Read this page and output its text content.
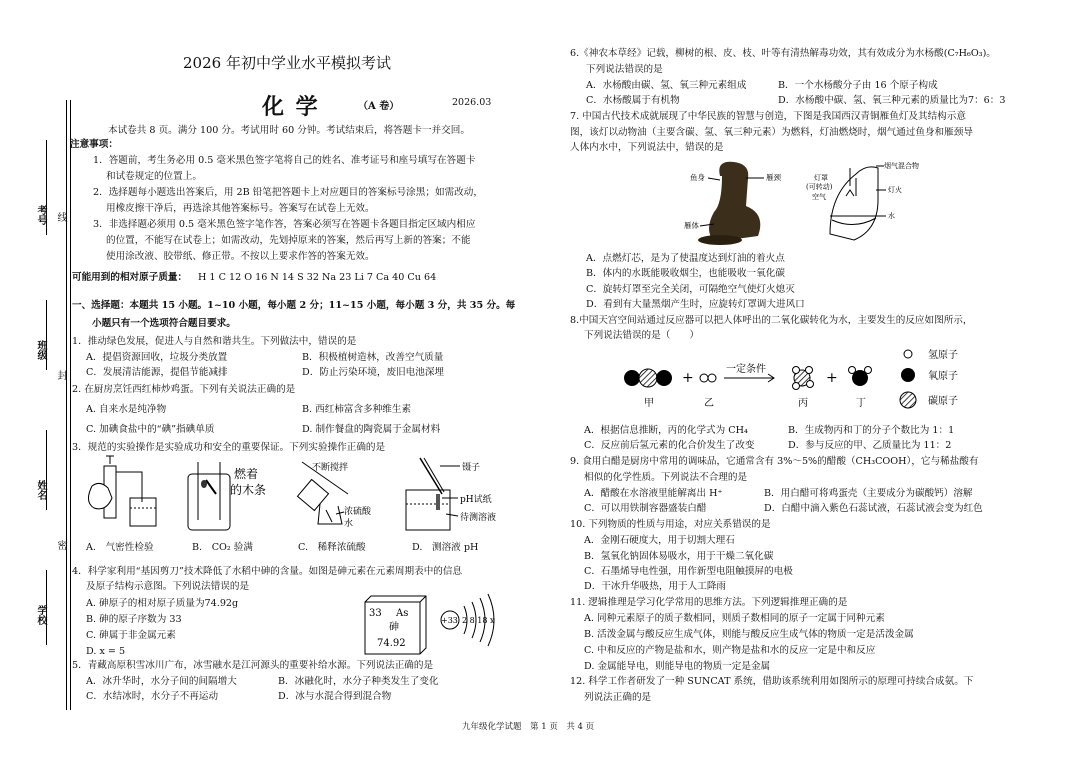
考号
班级
姓名
学校
密
封
线
2026 年初中学业水平模拟考试
化 学	（A 卷）	2026.03
本试卷共 8 页。满分 100 分。考试用时 60 分钟。考试结束后，将答题卡一并交回。
注意事项：
1．答题前，考生务必用 0.5 毫米黑色签字笔将自己的姓名、准考证号和座号填写在答题卡
和试卷规定的位置上。
2．选择题每小题选出答案后，用 2B 铅笔把答题卡上对应题目的答案标号涂黑；如需改动，
用橡皮擦干净后，再选涂其他答案标号。答案写在试卷上无效。
3．非选择题必须用 0.5 毫米黑色签字笔作答，答案必须写在答题卡各题目指定区域内相应
的位置，不能写在试卷上；如需改动，先划掉原来的答案，然后再写上新的答案；不能
使用涂改液、胶带纸、修正带。不按以上要求作答的答案无效。
可能用到的相对原子质量： H 1 C 12 O 16 N 14 S 32 Na 23 Li 7 Ca 40 Cu 64
一、选择题：本题共 15 小题。1~10 小题，每小题 2 分；11~15 小题，每小题 3 分，共 35 分。每
小题只有一个选项符合题目要求。
1．推动绿色发展，促进人与自然和谐共生。下列做法中，错误的是
A．提倡资源回收，垃圾分类放置	B．积极植树造林，改善空气质量
C．发展清洁能源，提倡节能减排	D．防止污染环境，废旧电池深埋
2. 在厨房烹饪西红柿炒鸡蛋。下列有关说法正确的是
A. 自来水是纯净物	B. 西红柿富含多种维生素
C. 加碘食盐中的“碘”指碘单质	D. 制作餐盘的陶瓷属于金属材料
3．规范的实验操作是实验成功和安全的重要保证。下列实验操作正确的是
燃着
的木条
不断搅拌
浓硫酸
水
镊子
pH试纸
待测溶液
A.　气密性检验	B.　CO₂ 验满	C.　稀释浓硫酸	D.　测溶液 pH
4．科学家利用“基因剪刀”技术降低了水稻中砷的含量。如图是砷元素在元素周期表中的信息
及原子结构示意图。下列说法错误的是
A. 砷原子的相对原子质量为74.92g
B. 砷的原子序数为 33
C. 砷属于非金属元素
D. x = 5
33 As
砷
74.92
+33 2 8 18 x
5．青藏高原积雪冰川广布，冰雪融水是江河源头的重要补给水源。下列说法正确的是
A．冰升华时，水分子间的间隔增大	B．冰融化时，水分子种类发生了变化
C．水结冰时，水分子不再运动	D．冰与水混合得到混合物
6.《神农本草经》记载，柳树的根、皮、枝、叶等有清热解毒功效，其有效成分为水杨酸(C₇H₆O₃)。
下列说法错误的是
A．水杨酸由碳、氢、氧三种元素组成	B．一个水杨酸分子由 16 个原子构成
C．水杨酸属于有机物	D．水杨酸中碳、氢、氧三种元素的质量比为7：6：3
7. 中国古代技术成就展现了中华民族的智慧与创造，下图是我国西汉青铜雁鱼灯及其结构示意
图，该灯以动物油（主要含碳、氢、氧三种元素）为燃料，灯油燃烧时，烟气通过鱼身和雁颈导
人体内水中，下列说法中，错误的是
鱼身	雁颈
雁体
灯罩
(可转动)
空气
烟气混合物
灯火
水
A．点燃灯芯，是为了使温度达到灯油的着火点
B．体内的水既能吸收烟尘，也能吸收一氧化碳
C．旋转灯罩至完全关闭，可隔绝空气使灯火熄灭
D．看到有大量黑烟产生时，应旋转灯罩调大进风口
8.中国天宫空间站通过反应器可以把人体呼出的二氧化碳转化为水，主要发生的反应如图所示，
下列说法错误的是（　　）
+
一定条件
+
甲	乙	丙	丁
氢原子
氧原子
碳原子
A．根据信息推断，丙的化学式为 CH₄	B．生成物丙和丁的分子个数比为 1：1
C．反应前后氢元素的化合价发生了改变	D．参与反应的甲、乙质量比为 11：2
9. 食用白醋是厨房中常用的调味品，它通常含有 3%～5%的醋酸（CH₃COOH），它与稀盐酸有
相似的化学性质。下列说法不合理的是
A．醋酸在水溶液里能解离出 H⁺	B．用白醋可将鸡蛋壳（主要成分为碳酸钙）溶解
C．可以用铁制容器盛装白醋	D．白醋中滴入紫色石蕊试液，石蕊试液会变为红色
10. 下列物质的性质与用途，对应关系错误的是
A．金刚石硬度大，用于切割大理石
B．氢氧化钠固体易吸水，用于干燥二氧化碳
C．石墨烯导电性强，用作新型电阻触摸屏的电极
D．干冰升华吸热，用于人工降雨
11. 逻辑推理是学习化学常用的思维方法。下列逻辑推理正确的是
A. 同种元素原子的质子数相同，则质子数相同的原子一定属于同种元素
B. 活泼金属与酸反应生成气体，则能与酸反应生成气体的物质一定是活泼金属
C. 中和反应的产物是盐和水，则产物是盐和水的反应一定是中和反应
D. 金属能导电，则能导电的物质一定是金属
12. 科学工作者研发了一种 SUNCAT 系统，借助该系统利用如图所示的原理可持续合成氨。下
列说法正确的是
九年级化学试题　第 1 页　共 4 页
